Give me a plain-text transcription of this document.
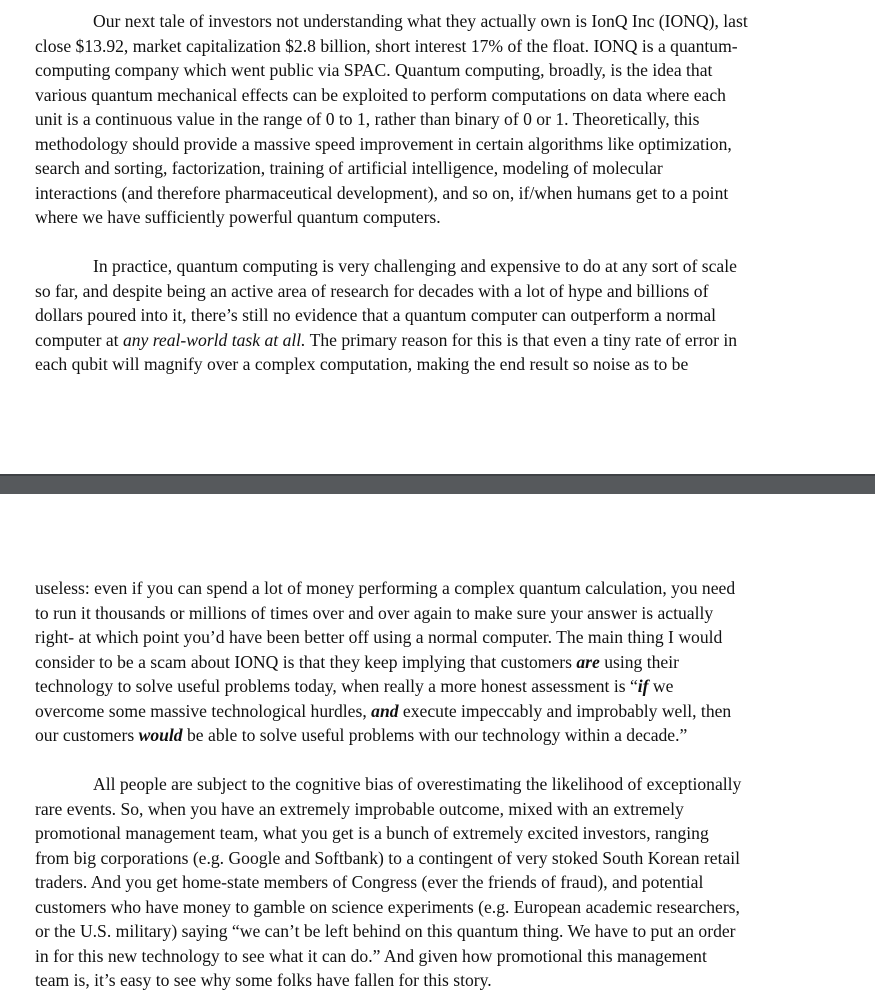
Our next tale of investors not understanding what they actually own is IonQ Inc (IONQ), last
close $13.92, market capitalization $2.8 billion, short interest 17% of the float. IONQ is a quantum-
computing company which went public via SPAC. Quantum computing, broadly, is the idea that
various quantum mechanical effects can be exploited to perform computations on data where each
unit is a continuous value in the range of 0 to 1, rather than binary of 0 or 1. Theoretically, this
methodology should provide a massive speed improvement in certain algorithms like optimization,
search and sorting, factorization, training of artificial intelligence, modeling of molecular
interactions (and therefore pharmaceutical development), and so on, if/when humans get to a point
where we have sufficiently powerful quantum computers.
In practice, quantum computing is very challenging and expensive to do at any sort of scale
so far, and despite being an active area of research for decades with a lot of hype and billions of
dollars poured into it, there’s still no evidence that a quantum computer can outperform a normal
computer at any real-world task at all. The primary reason for this is that even a tiny rate of error in
each qubit will magnify over a complex computation, making the end result so noise as to be
useless: even if you can spend a lot of money performing a complex quantum calculation, you need
to run it thousands or millions of times over and over again to make sure your answer is actually
right- at which point you’d have been better off using a normal computer. The main thing I would
consider to be a scam about IONQ is that they keep implying that customers are using their
technology to solve useful problems today, when really a more honest assessment is “if we
overcome some massive technological hurdles, and execute impeccably and improbably well, then
our customers would be able to solve useful problems with our technology within a decade.”
All people are subject to the cognitive bias of overestimating the likelihood of exceptionally
rare events. So, when you have an extremely improbable outcome, mixed with an extremely
promotional management team, what you get is a bunch of extremely excited investors, ranging
from big corporations (e.g. Google and Softbank) to a contingent of very stoked South Korean retail
traders. And you get home-state members of Congress (ever the friends of fraud), and potential
customers who have money to gamble on science experiments (e.g. European academic researchers,
or the U.S. military) saying “we can’t be left behind on this quantum thing. We have to put an order
in for this new technology to see what it can do.” And given how promotional this management
team is, it’s easy to see why some folks have fallen for this story.
